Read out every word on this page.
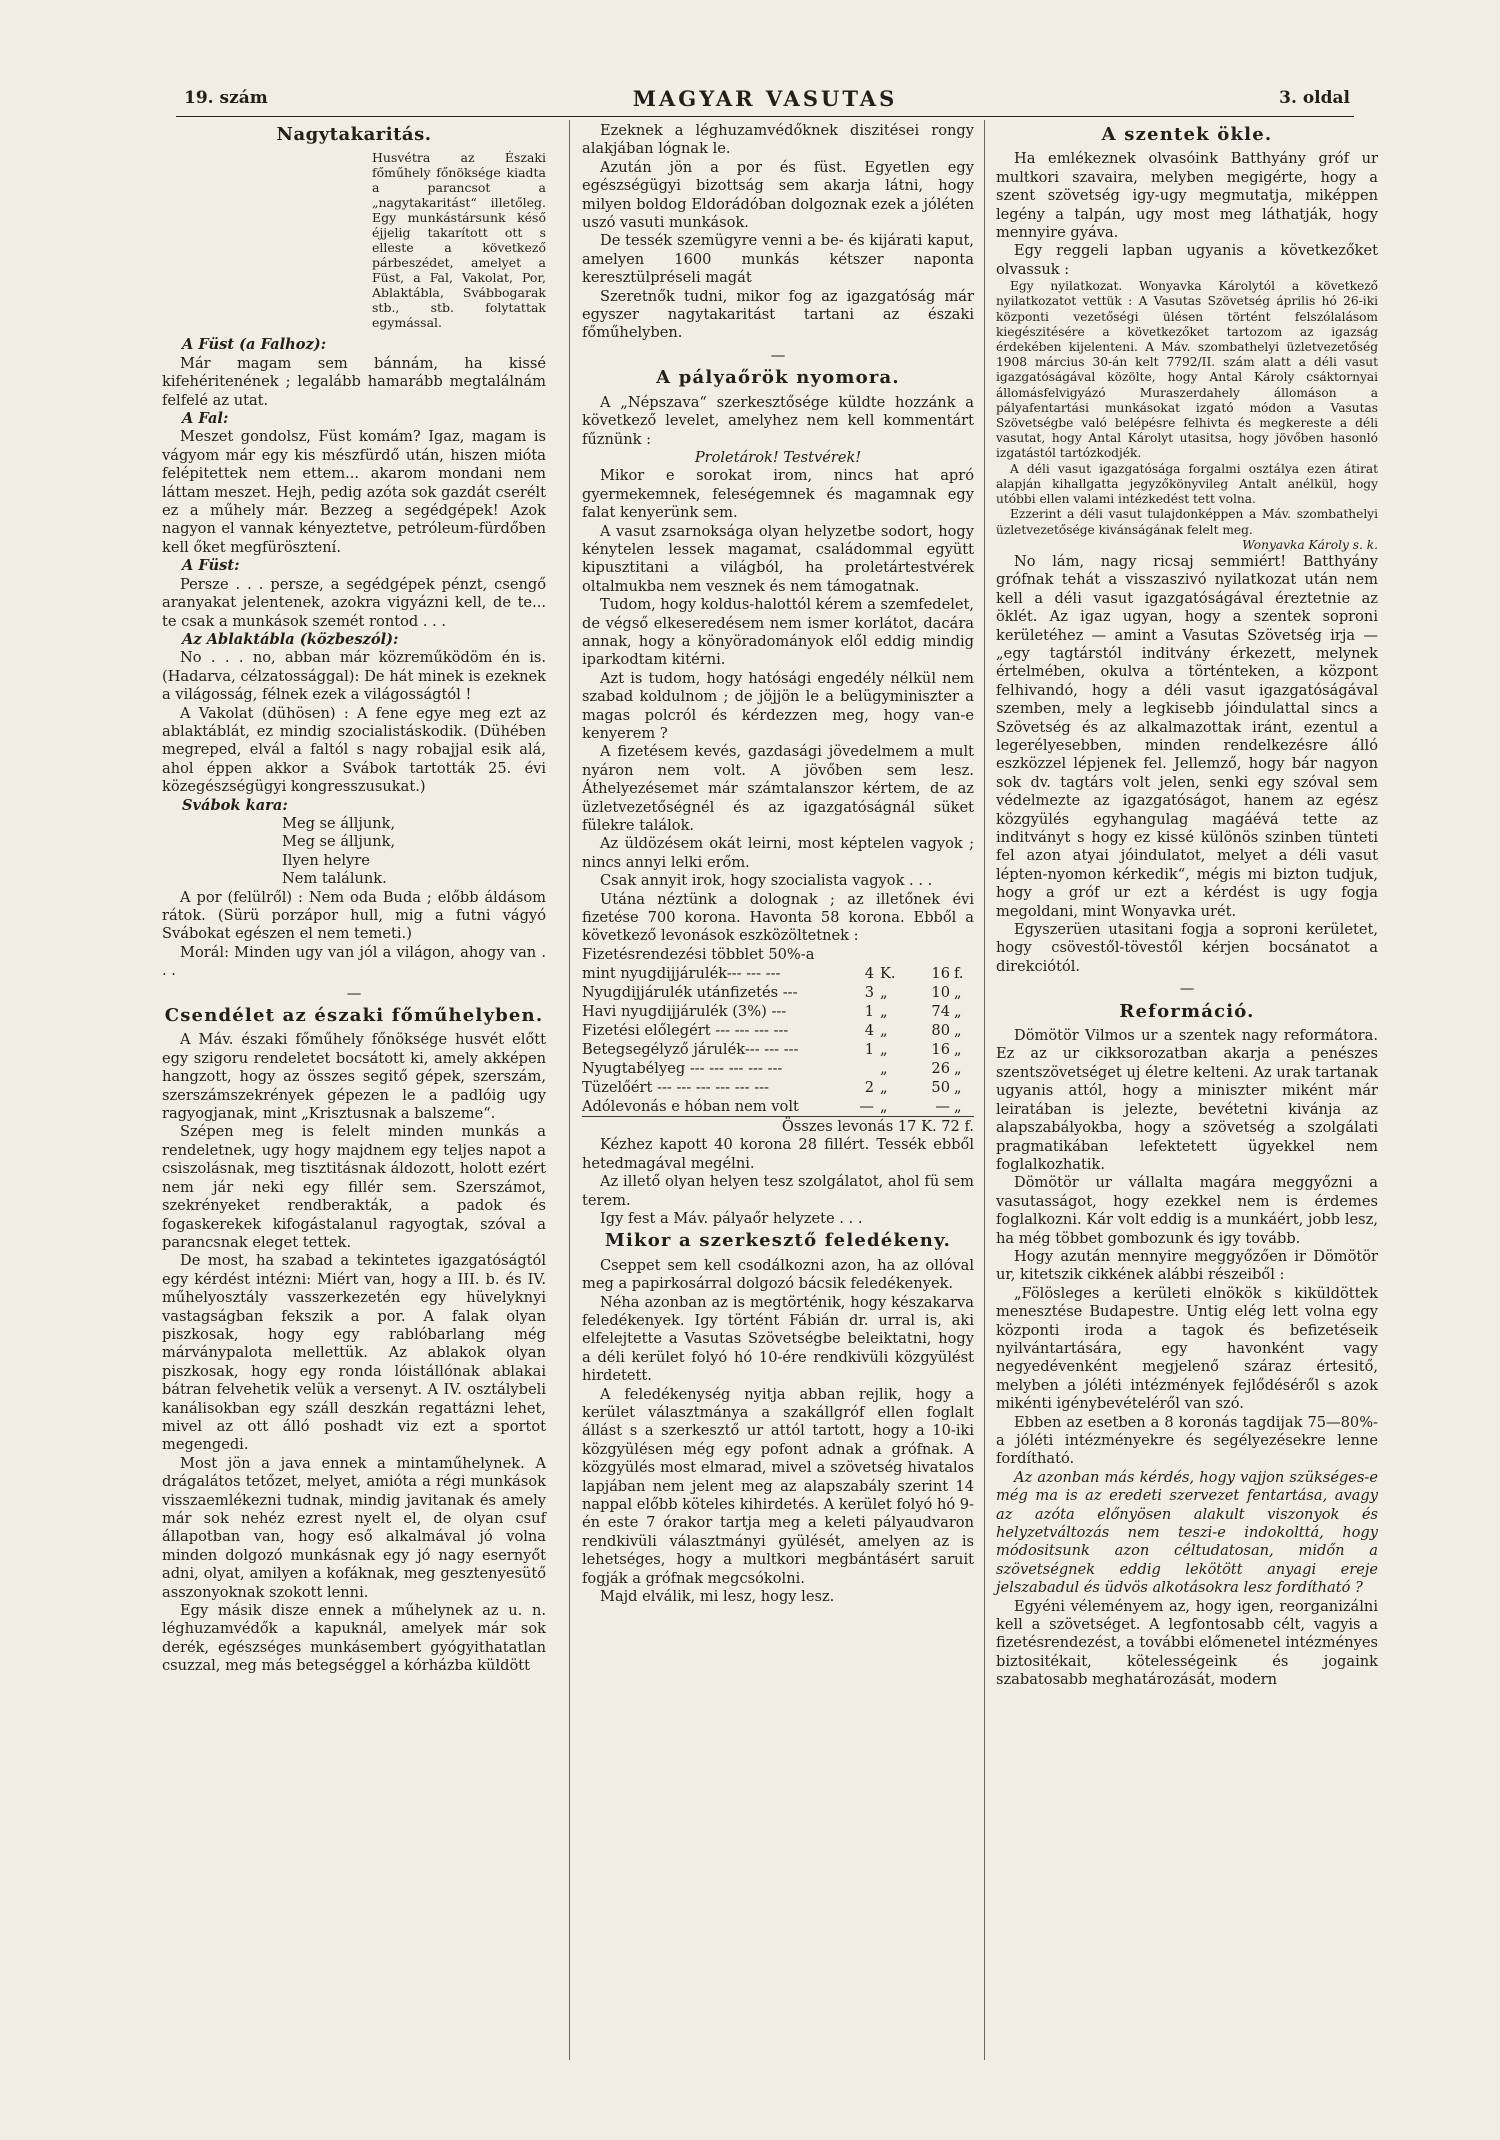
19. szám	MAGYAR VASUTAS	3. oldal
Nagytakaritás.

Husvétra az Északi főműhely főnöksége kiadta a parancsot a „nagytakaritást“ illetőleg. Egy munkástársunk késő éjjelig takarított ott s elleste a következő párbeszédet, amelyet a Füst, a Fal, Vakolat, Por, Ablaktábla, Svábbogarak stb., stb. folytattak egymással.

A Füst (a Falhoz):

Már magam sem bánnám, ha kissé kifehéritenének ; legalább hamarább megtalálnám felfelé az utat.

A Fal:

Meszet gondolsz, Füst komám? Igaz, magam is vágyom már egy kis mészfürdő után, hiszen mióta felépitettek nem ettem... akarom mondani nem láttam meszet. Hejh, pedig azóta sok gazdát cserélt ez a műhely már. Bezzeg a segédgépek! Azok nagyon el vannak kényeztetve, petróleum-fürdőben kell őket megfürösztení.

A Füst:

Persze . . . persze, a segédgépek pénzt, csengő aranyakat jelentenek, azokra vigyázni kell, de te... te csak a munkások szemét rontod . . .

Az Ablaktábla (közbeszól):

No . . . no, abban már közreműködöm én is. (Hadarva, célzatossággal): De hát minek is ezeknek a világosság, félnek ezek a világosságtól !

A Vakolat (dühösen) : A fene egye meg ezt az ablaktáblát, ez mindig szocialistáskodik. (Dühében megreped, elvál a faltól s nagy robajjal esik alá, ahol éppen akkor a Svábok tartották 25. évi közegészségügyi kongresszusukat.)

Svábok kara:

Meg se álljunk,

Meg se álljunk,

Ilyen helyre

Nem találunk.

A por (felülről) : Nem oda Buda ; előbb áldásom rátok. (Sürü porzápor hull, mig a futni vágyó Svábokat egészen el nem temeti.)

Morál: Minden ugy van jól a világon, ahogy van . . .

—

Csendélet az északi főműhelyben.

A Máv. északi főműhely főnöksége husvét előtt egy szigoru rendeletet bocsátott ki, amely akképen hangzott, hogy az összes segitő gépek, szerszám, szerszámszekrények gépezen le a padlóig ugy ragyogjanak, mint „Krisztusnak a balszeme“.

Szépen meg is felelt minden munkás a rendeletnek, ugy hogy majdnem egy teljes napot a csiszolásnak, meg tisztitásnak áldozott, holott ezért nem jár neki egy fillér sem. Szerszámot, szekrényeket rendberakták, a padok és fogaskerekek kifogástalanul ragyogtak, szóval a parancsnak eleget tettek.

De most, ha szabad a tekintetes igazgatóságtól egy kérdést intézni: Miért van, hogy a III. b. és IV. műhelyosztály vasszerkezetén egy hüvelyknyi vastagságban fekszik a por. A falak olyan piszkosak, hogy egy rablóbarlang még márványpalota mellettük. Az ablakok olyan piszkosak, hogy egy ronda lóistállónak ablakai bátran felvehetik velük a versenyt. A IV. osztálybeli kanálisokban egy száll deszkán regattázni lehet, mivel az ott álló poshadt viz ezt a sportot megengedi.

Most jön a java ennek a mintaműhelynek. A drágalátos tetőzet, melyet, amióta a régi munkások visszaemlékezni tudnak, mindig javitanak és amely már sok nehéz ezrest nyelt el, de olyan csuf állapotban van, hogy eső alkalmával jó volna minden dolgozó munkásnak egy jó nagy esernyőt adni, olyat, amilyen a kofáknak, meg gesztenyesütő asszonyoknak szokott lenni.

Egy másik disze ennek a műhelynek az u. n. léghuzamvédők a kapuknál, amelyek már sok derék, egészséges munkásembert gyógyithatatlan csuzzal, meg más betegséggel a kórházba küldött

Ezeknek a léghuzamvédőknek diszitései rongy alakjában lógnak le.

Azután jön a por és füst. Egyetlen egy egészségügyi bizottság sem akarja látni, hogy milyen boldog Eldorádóban dolgoznak ezek a jóléten uszó vasuti munkások.

De tessék szemügyre venni a be- és kijárati kaput, amelyen 1600 munkás kétszer naponta keresztülpréseli magát

Szeretnők tudni, mikor fog az igazgatóság már egyszer nagytakaritást tartani az északi főműhelyben.

—

A pályaőrök nyomora.

A „Népszava“ szerkesztősége küldte hozzánk a következő levelet, amelyhez nem kell kommentárt fűznünk :

Proletárok! Testvérek!

Mikor e sorokat irom, nincs hat apró gyermekemnek, feleségemnek és magamnak egy falat kenyerünk sem.

A vasut zsarnoksága olyan helyzetbe sodort, hogy kénytelen lessek magamat, családommal együtt kipusztitani a világból, ha proletártestvérek oltalmukba nem vesznek és nem támogatnak.

Tudom, hogy koldus-halottól kérem a szemfedelet, de végső elkeseredésem nem ismer korlátot, dacára annak, hogy a könyöradományok elől eddig mindig iparkodtam kitérni.

Azt is tudom, hogy hatósági engedély nélkül nem szabad koldulnom ; de jöjjön le a belügyminiszter a magas polcról és kérdezzen meg, hogy van-e kenyerem ?

A fizetésem kevés, gazdasági jövedelmem a mult nyáron nem volt. A jövőben sem lesz. Áthelyezésemet már számtalanszor kértem, de az üzletvezetőségnél és az igazgatóságnál süket fülekre találok.

Az üldözésem okát leirni, most képtelen vagyok ; nincs annyi lelki erőm.

Csak annyit irok, hogy szocialista vagyok . . .

Utána néztünk a dolognak ; az illetőnek évi fizetése 700 korona. Havonta 58 korona. Ebből a következő levonások eszközöltetnek :

Fizetésrendezési többlet 50%-a

mint nyugdijjárulék--- --- ---	4	K.	16	f.
Nyugdijjárulék utánfizetés ---	3	„	10	„
Havi nyugdijjárulék (3%) ---	1	„	74	„
Fizetési előlegért --- --- --- ---	4	„	80	„
Betegsegélyző járulék--- --- ---	1	„	16	„
Nyugtabélyeg --- --- --- --- ---		„	26	„
Tüzelőért --- --- --- --- --- ---	2	„	50	„
Adólevonás e hóban nem volt	—	„	—	„
Összes levonás 17 K. 72 f.				

Kézhez kapott 40 korona 28 fillért. Tessék ebből hetedmagával megélni.

Az illető olyan helyen tesz szolgálatot, ahol fü sem terem.

Igy fest a Máv. pályaőr helyzete . . .

Mikor a szerkesztő feledékeny.

Cseppet sem kell csodálkozni azon, ha az ollóval meg a papirkosárral dolgozó bácsik feledékenyek.

Néha azonban az is megtörténik, hogy készakarva feledékenyek. Igy történt Fábián dr. urral is, aki elfelejtette a Vasutas Szövetségbe beleiktatni, hogy a déli kerület folyó hó 10-ére rendkivüli közgyülést hirdetett.

A feledékenység nyitja abban rejlik, hogy a kerület választmánya a szakállgróf ellen foglalt állást s a szerkesztő ur attól tartott, hogy a 10-iki közgyülésen még egy pofont adnak a grófnak. A közgyülés most elmarad, mivel a szövetség hivatalos lapjában nem jelent meg az alapszabály szerint 14 nappal előbb köteles kihirdetés. A kerület folyó hó 9-én este 7 órakor tartja meg a keleti pályaudvaron rendkivüli választmányi gyülését, amelyen az is lehetséges, hogy a multkori megbántásért saruit fogják a grófnak megcsókolni.

Majd elválik, mi lesz, hogy lesz.

A szentek ökle.

Ha emlékeznek olvasóink Batthyány gróf ur multkori szavaira, melyben megigérte, hogy a szent szövetség igy-ugy megmutatja, miképpen legény a talpán, ugy most meg láthatják, hogy mennyire gyáva.

Egy reggeli lapban ugyanis a következőket olvassuk :

Egy nyilatkozat. Wonyavka Károlytól a következő nyilatkozatot vettük : A Vasutas Szövetség április hó 26-iki központi vezetőségi ülésen történt felszólalásom kiegészitésére a következőket tartozom az igazság érdekében kijelenteni. A Máv. szombathelyi üzletvezetőség 1908 március 30-án kelt 7792/II. szám alatt a déli vasut igazgatóságával közölte, hogy Antal Károly csáktornyai állomásfelvigyázó Muraszerdahely állomáson a pályafentartási munkásokat izgató módon a Vasutas Szövetségbe való belépésre felhivta és megkereste a déli vasutat, hogy Antal Károlyt utasitsa, hogy jövőben hasonló izgatástól tartózkodjék.

A déli vasut igazgatósága forgalmi osztálya ezen átirat alapján kihallgatta jegyzőkönyvileg Antalt anélkül, hogy utóbbi ellen valami intézkedést tett volna.

Ezzerint a déli vasut tulajdonképpen a Máv. szombathelyi üzletvezetősége kivánságának felelt meg.

Wonyavka Károly s. k.

No lám, nagy ricsaj semmiért! Batthyány grófnak tehát a visszaszivó nyilatkozat után nem kell a déli vasut igazgatóságával éreztetnie az öklét. Az igaz ugyan, hogy a szentek soproni kerületéhez — amint a Vasutas Szövetség irja — „egy tagtárstól inditvány érkezett, melynek értelmében, okulva a történteken, a központ felhivandó, hogy a déli vasut igazgatóságával szemben, mely a legkisebb jóindulattal sincs a Szövetség és az alkalmazottak iránt, ezentul a legerélyesebben, minden rendelkezésre álló eszközzel lépjenek fel. Jellemző, hogy bár nagyon sok dv. tagtárs volt jelen, senki egy szóval sem védelmezte az igazgatóságot, hanem az egész közgyülés egyhangulag magáévá tette az inditványt s hogy ez kissé különös szinben tünteti fel azon atyai jóindulatot, melyet a déli vasut lépten-nyomon kérkedik“, mégis mi bizton tudjuk, hogy a gróf ur ezt a kérdést is ugy fogja megoldani, mint Wonyavka urét.

Egyszerüen utasitani fogja a soproni kerületet, hogy csövestől-tövestől kérjen bocsánatot a direkciótól.

—

Reformáció.

Dömötör Vilmos ur a szentek nagy reformátora. Ez az ur cikksorozatban akarja a penészes szentszövetséget uj életre kelteni. Az urak tartanak ugyanis attól, hogy a miniszter miként már leiratában is jelezte, bevétetni kivánja az alapszabályokba, hogy a szövetség a szolgálati pragmatikában lefektetett ügyekkel nem foglalkozhatik.

Dömötör ur vállalta magára meggyőzni a vasutasságot, hogy ezekkel nem is érdemes foglalkozni. Kár volt eddig is a munkáért, jobb lesz, ha még többet gombozunk és igy tovább.

Hogy azután mennyire meggyőzően ir Dömötör ur, kitetszik cikkének alábbi részeiből :

„Fölösleges a kerületi elnökök s kiküldöttek menesztése Budapestre. Untig elég lett volna egy központi iroda a tagok és befizetéseik nyilvántartására, egy havonként vagy negyedévenként megjelenő száraz értesitő, melyben a jóléti intézmények fejlődéséről s azok mikénti igénybevételéről van szó.

Ebben az esetben a 8 koronás tagdijak 75—80%-a jóléti intézményekre és segélyezésekre lenne fordítható.

Az azonban más kérdés, hogy vajjon szükséges-e még ma is az eredeti szervezet fentartása, avagy az azóta előnyösen alakult viszonyok és helyzetváltozás nem teszi-e indokolttá, hogy módositsunk azon céltudatosan, midőn a szövetségnek eddig lekötött anyagi ereje jelszabadul és üdvös alkotásokra lesz fordítható ?

Egyéni véleményem az, hogy igen, reorganizálni kell a szövetséget. A legfontosabb célt, vagyis a fizetésrendezést, a további előmenetel intézményes biztositékait, kötelességeink és jogaink szabatosabb meghatározását, modern
